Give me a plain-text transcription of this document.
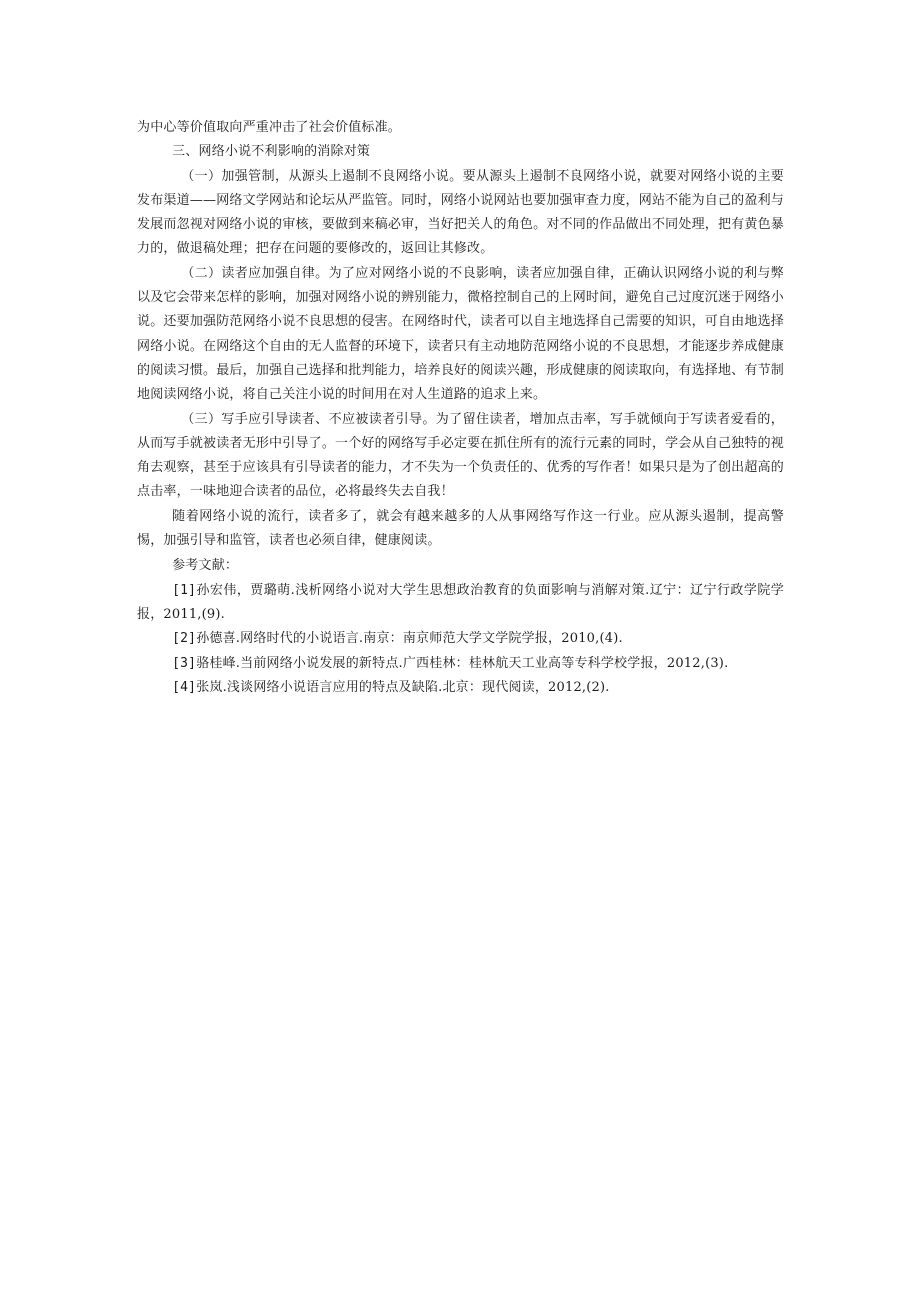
为中心等价值取向严重冲击了社会价值标准。

三、网络小说不利影响的消除对策

（一）加强管制，从源头上遏制不良网络小说。要从源头上遏制不良网络小说，就要对网络小说的主要发布渠道——网络文学网站和论坛从严监管。同时，网络小说网站也要加强审查力度，网站不能为自己的盈利与发展而忽视对网络小说的审核，要做到来稿必审，当好把关人的角色。对不同的作品做出不同处理，把有黄色暴力的，做退稿处理；把存在问题的要修改的，返回让其修改。

（二）读者应加强自律。为了应对网络小说的不良影响，读者应加强自律，正确认识网络小说的利与弊以及它会带来怎样的影响，加强对网络小说的辨别能力，微格控制自己的上网时间，避免自己过度沉迷于网络小说。还要加强防范网络小说不良思想的侵害。在网络时代，读者可以自主地选择自己需要的知识，可自由地选择网络小说。在网络这个自由的无人监督的环境下，读者只有主动地防范网络小说的不良思想，才能逐步养成健康的阅读习惯。最后，加强自己选择和批判能力，培养良好的阅读兴趣，形成健康的阅读取向，有选择地、有节制地阅读网络小说，将自己关注小说的时间用在对人生道路的追求上来。

（三）写手应引导读者、不应被读者引导。为了留住读者，增加点击率，写手就倾向于写读者爱看的，从而写手就被读者无形中引导了。一个好的网络写手必定要在抓住所有的流行元素的同时，学会从自己独特的视角去观察，甚至于应该具有引导读者的能力，才不失为一个负责任的、优秀的写作者！如果只是为了创出超高的点击率，一味地迎合读者的品位，必将最终失去自我！

随着网络小说的流行，读者多了，就会有越来越多的人从事网络写作这一行业。应从源头遏制，提高警惕，加强引导和监管，读者也必须自律，健康阅读。

参考文献：

[1]孙宏伟，贾璐萌.浅析网络小说对大学生思想政治教育的负面影响与消解对策.辽宁：辽宁行政学院学报，2011,(9).

[2]孙德喜.网络时代的小说语言.南京：南京师范大学文学院学报，2010,(4).

[3]骆桂峰.当前网络小说发展的新特点.广西桂林：桂林航天工业高等专科学校学报，2012,(3).

[4]张岚.浅谈网络小说语言应用的特点及缺陷.北京：现代阅读，2012,(2).
